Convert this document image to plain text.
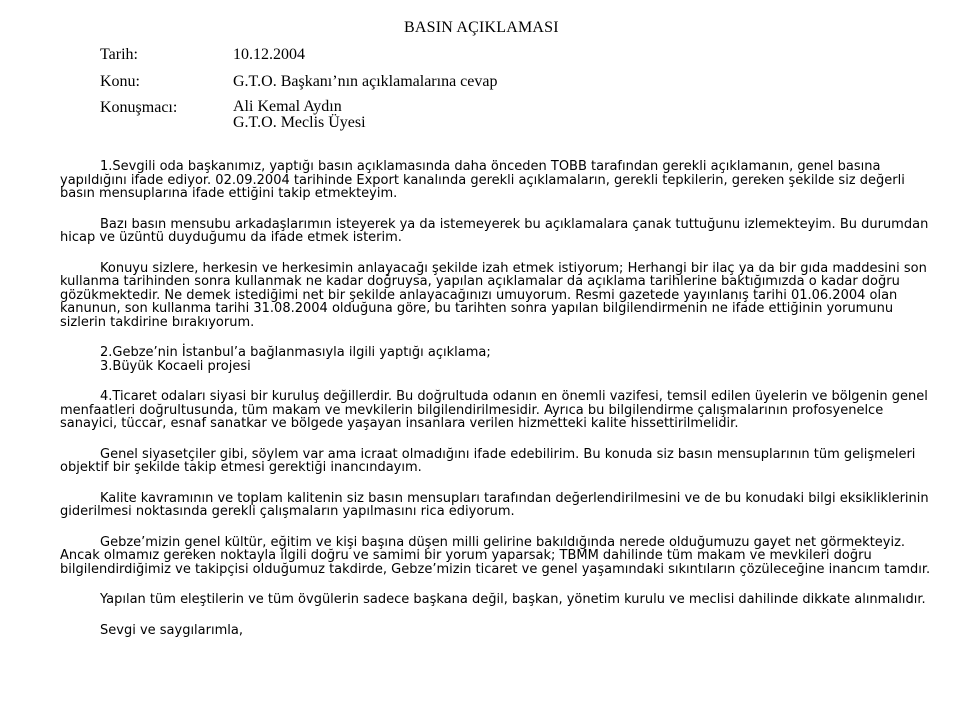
BASIN AÇIKLAMASI
Tarih:	10.12.2004
Konu:	G.T.O. Başkanı’nın açıklamalarına cevap
Konuşmacı:	Ali Kemal Aydın
G.T.O. Meclis Üyesi

1.Sevgili oda başkanımız, yaptığı basın açıklamasında daha önceden TOBB tarafından gerekli açıklamanın, genel basına yapıldığını ifade ediyor. 02.09.2004 tarihinde Export kanalında gerekli açıklamaların, gerekli tepkilerin, gereken şekilde siz değerli basın mensuplarına ifade ettiğini takip etmekteyim.

Bazı basın mensubu arkadaşlarımın isteyerek ya da istemeyerek bu açıklamalara çanak tuttuğunu izlemekteyim. Bu durumdan hicap ve üzüntü duyduğumu da ifade etmek isterim.

Konuyu sizlere, herkesin ve herkesimin anlayacağı şekilde izah etmek istiyorum; Herhangi bir ilaç ya da bir gıda maddesini son kullanma tarihinden sonra kullanmak ne kadar doğruysa, yapılan açıklamalar da açıklama tarihlerine baktığımızda o kadar doğru gözükmektedir. Ne demek istediğimi net bir şekilde anlayacağınızı umuyorum. Resmi gazetede yayınlanış tarihi 01.06.2004 olan kanunun, son kullanma tarihi 31.08.2004 olduğuna göre, bu tarihten sonra yapılan bilgilendirmenin ne ifade ettiğinin yorumunu sizlerin takdirine bırakıyorum.

2.Gebze’nin İstanbul’a bağlanmasıyla ilgili yaptığı açıklama;
3.Büyük Kocaeli projesi

4.Ticaret odaları siyasi bir kuruluş değillerdir. Bu doğrultuda odanın en önemli vazifesi, temsil edilen üyelerin ve bölgenin genel menfaatleri doğrultusunda, tüm makam ve mevkilerin bilgilendirilmesidir. Ayrıca bu bilgilendirme çalışmalarının profosyenelce sanayici, tüccar, esnaf sanatkar ve bölgede yaşayan insanlara verilen hizmetteki kalite hissettirilmelidir.

Genel siyasetçiler gibi, söylem var ama icraat olmadığını ifade edebilirim. Bu konuda siz basın mensuplarının tüm gelişmeleri objektif bir şekilde takip etmesi gerektiği inancındayım.

Kalite kavramının ve toplam kalitenin siz basın mensupları tarafından değerlendirilmesini ve de bu konudaki bilgi eksikliklerinin giderilmesi noktasında gerekli çalışmaların yapılmasını rica ediyorum.

Gebze’mizin genel kültür, eğitim ve kişi başına düşen milli gelirine bakıldığında nerede olduğumuzu gayet net görmekteyiz. Ancak olmamız gereken noktayla ilgili doğru ve samimi bir yorum yaparsak; TBMM dahilinde tüm makam ve mevkileri doğru bilgilendirdiğimiz ve takipçisi olduğumuz takdirde, Gebze’mizin ticaret ve genel yaşamındaki sıkıntıların çözüleceğine inancım tamdır.

Yapılan tüm eleştilerin ve tüm övgülerin sadece başkana değil, başkan, yönetim kurulu ve meclisi dahilinde dikkate alınmalıdır.

Sevgi ve saygılarımla,
